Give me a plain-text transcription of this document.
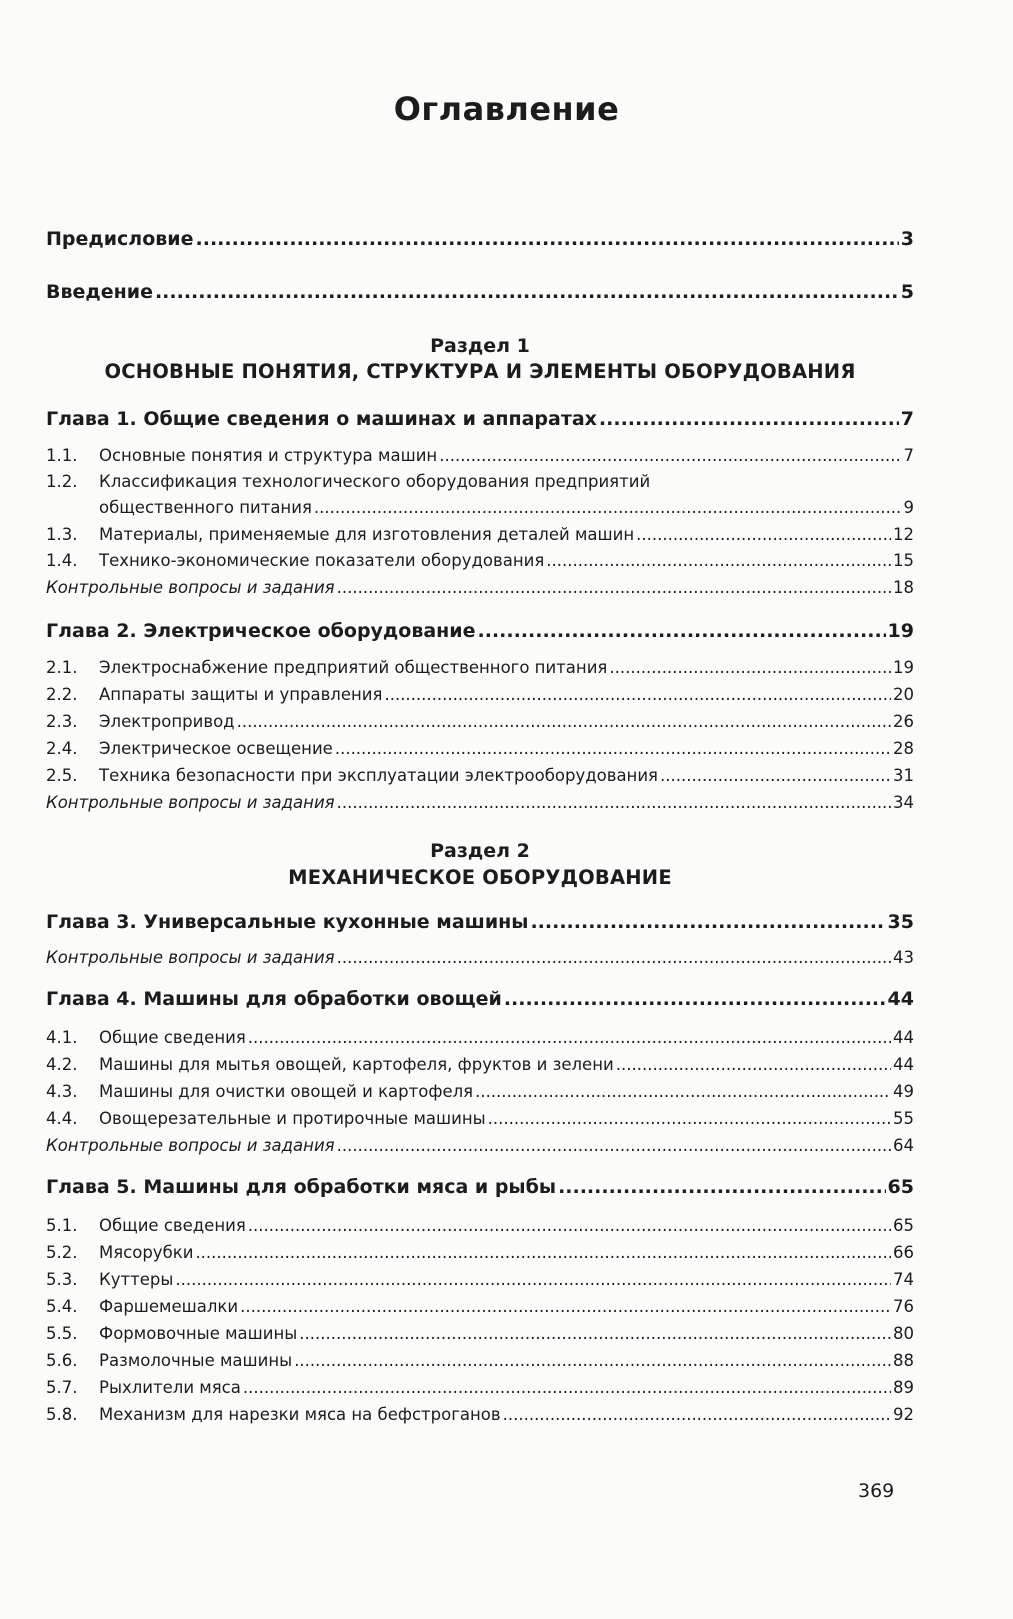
Оглавление
Предисловие .....	3
Введение .....	5
Раздел 1
ОСНОВНЫЕ ПОНЯТИЯ, СТРУКТУРА И ЭЛЕМЕНТЫ ОБОРУДОВАНИЯ
Глава 1. Общие сведения о машинах и аппаратах .....	7
1.1.	Основные понятия и структура машин .....	7
1.2.	Классификация технологического оборудования предприятий
общественного питания .....	9
1.3.	Материалы, применяемые для изготовления деталей машин .....	12
1.4.	Технико-экономические показатели оборудования .....	15
Контрольные вопросы и задания .....	18
Глава 2. Электрическое оборудование .....	19
2.1.	Электроснабжение предприятий общественного питания .....	19
2.2.	Аппараты защиты и управления .....	20
2.3.	Электропривод .....	26
2.4.	Электрическое освещение .....	28
2.5.	Техника безопасности при эксплуатации электрооборудования .....	31
Контрольные вопросы и задания .....	34
Раздел 2
МЕХАНИЧЕСКОЕ ОБОРУДОВАНИЕ
Глава 3. Универсальные кухонные машины .....	35
Контрольные вопросы и задания .....	43
Глава 4. Машины для обработки овощей .....	44
4.1.	Общие сведения .....	44
4.2.	Машины для мытья овощей, картофеля, фруктов и зелени .....	44
4.3.	Машины для очистки овощей и картофеля .....	49
4.4.	Овощерезательные и протирочные машины .....	55
Контрольные вопросы и задания .....	64
Глава 5. Машины для обработки мяса и рыбы .....	65
5.1.	Общие сведения .....	65
5.2.	Мясорубки .....	66
5.3.	Куттеры .....	74
5.4.	Фаршемешалки .....	76
5.5.	Формовочные машины .....	80
5.6.	Размолочные машины .....	88
5.7.	Рыхлители мяса .....	89
5.8.	Механизм для нарезки мяса на бефстроганов .....	92
369
